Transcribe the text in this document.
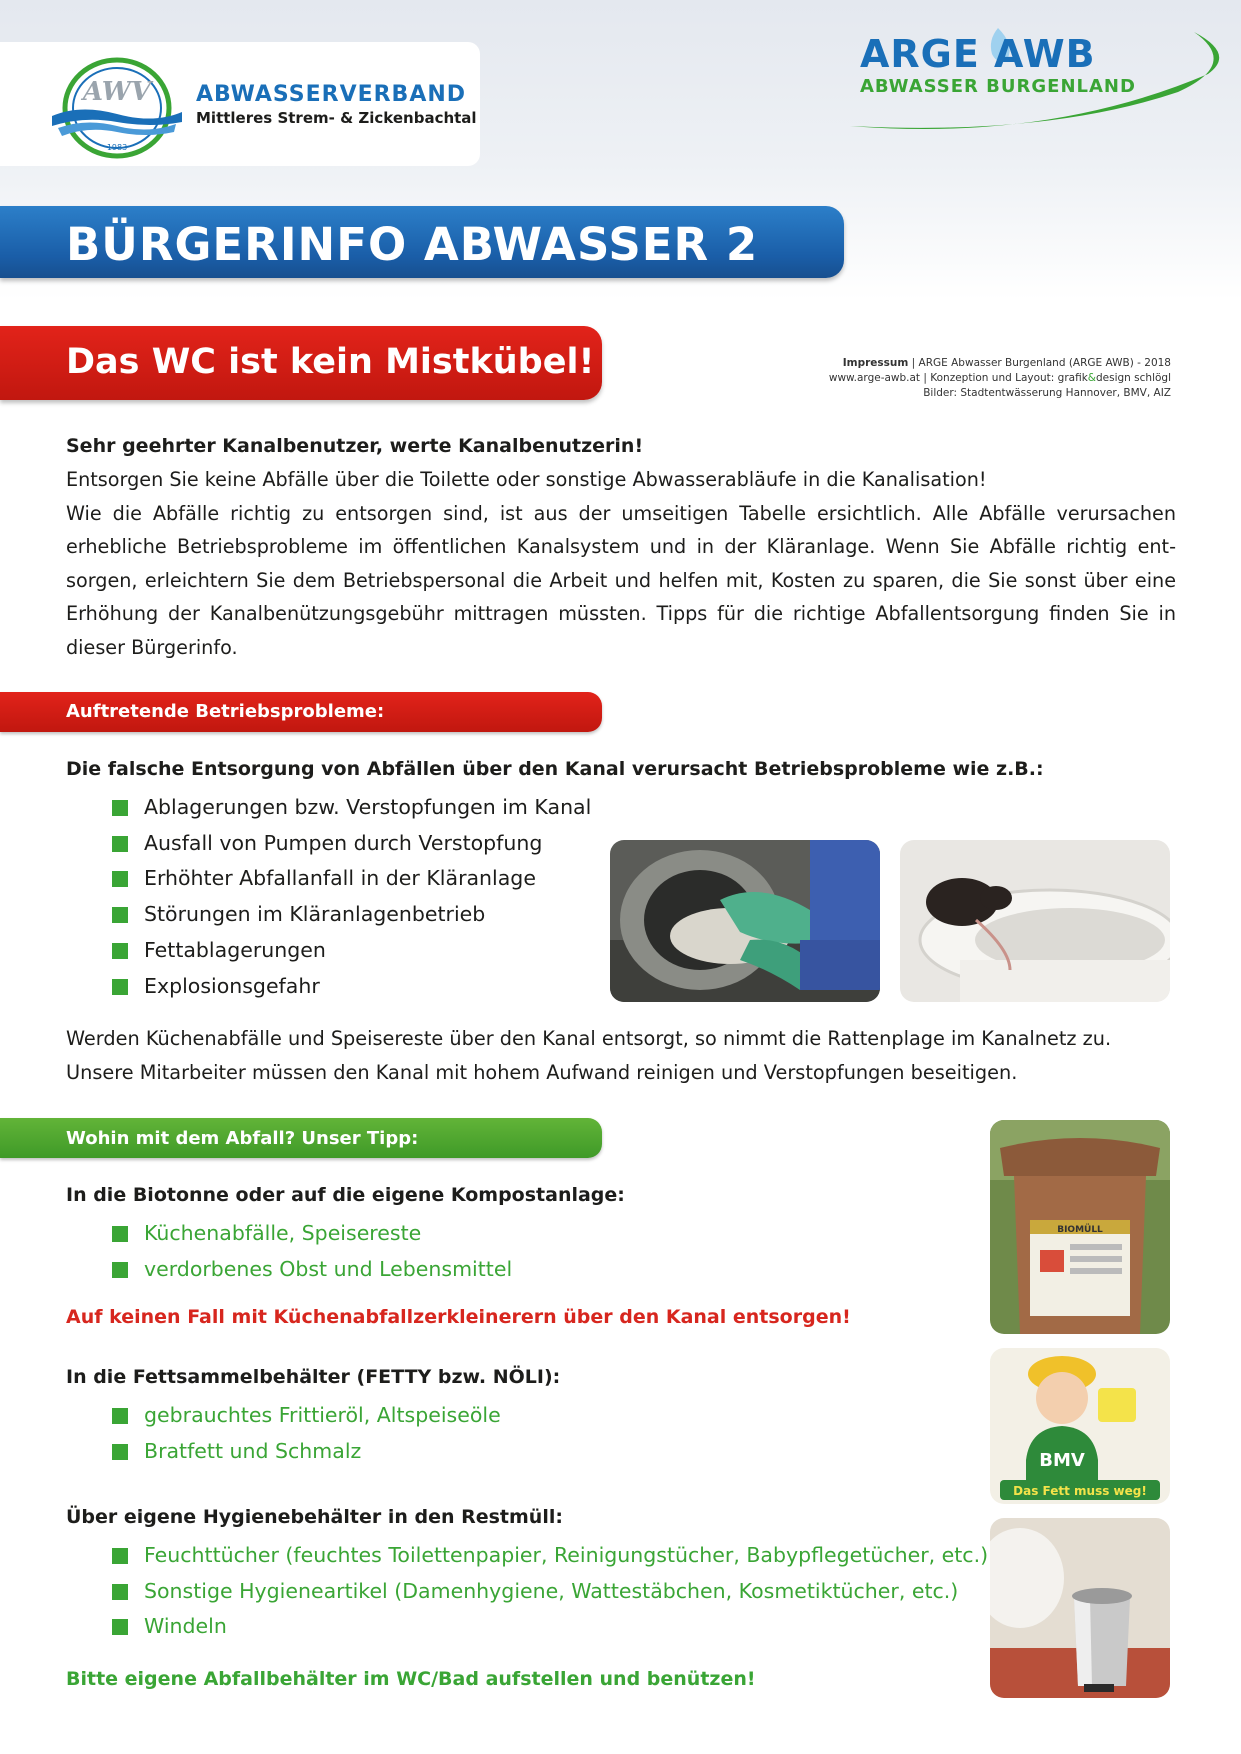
AWV
1983
ABWASSERVERBAND
Mittleres Strem- & Zickenbachtal
ARGE AWB
ABWASSER BURGENLAND
BÜRGERINFO ABWASSER 2
Das WC ist kein Mistkübel!	Impressum | ARGE Abwasser Burgenland (ARGE AWB) - 2018
www.arge-awb.at | Konzeption und Layout: grafik&design schlögl
Bilder: Stadtentwässerung Hannover, BMV, AIZ
Sehr geehrter Kanalbenutzer, werte Kanalbenutzerin!
Entsorgen Sie keine Abfälle über die Toilette oder sonstige Abwasserabläufe in die Kanalisation!
Wie die Abfälle richtig zu entsorgen sind, ist aus der umseitigen Tabelle ersichtlich. Alle Abfälle verursachen erhebliche Betriebsprobleme im öffentlichen Kanalsystem und in der Kläranlage. Wenn Sie Abfälle richtig ent-sorgen, erleichtern Sie dem Betriebspersonal die Arbeit und helfen mit, Kosten zu sparen, die Sie sonst über eine Erhöhung der Kanalbenützungsgebühr mittragen müssten. Tipps für die richtige Abfallentsorgung finden Sie in dieser Bürgerinfo.
Auftretende Betriebsprobleme:
Die falsche Entsorgung von Abfällen über den Kanal verursacht Betriebsprobleme wie z.B.:
Ablagerungen bzw. Verstopfungen im Kanal
Ausfall von Pumpen durch Verstopfung
Erhöhter Abfallanfall in der Kläranlage
Störungen im Kläranlagenbetrieb
Fettablagerungen
Explosionsgefahr
Werden Küchenabfälle und Speisereste über den Kanal entsorgt, so nimmt die Rattenplage im Kanalnetz zu. Unsere Mitarbeiter müssen den Kanal mit hohem Aufwand reinigen und Verstopfungen beseitigen.
Wohin mit dem Abfall? Unser Tipp:
In die Biotonne oder auf die eigene Kompostanlage:
Küchenabfälle, Speisereste
verdorbenes Obst und Lebensmittel
Auf keinen Fall mit Küchenabfallzerkleinerern über den Kanal entsorgen!
In die Fettsammelbehälter (FETTY bzw. NÖLI):
gebrauchtes Frittieröl, Altspeiseöle
Bratfett und Schmalz
Über eigene Hygienebehälter in den Restmüll:
Feuchttücher (feuchtes Toilettenpapier, Reinigungstücher, Babypflegetücher, etc.)
Sonstige Hygieneartikel (Damenhygiene, Wattestäbchen, Kosmetiktücher, etc.)
Windeln
Bitte eigene Abfallbehälter im WC/Bad aufstellen und benützen!
BIOMÜLL
BMV
Das Fett muss weg!
